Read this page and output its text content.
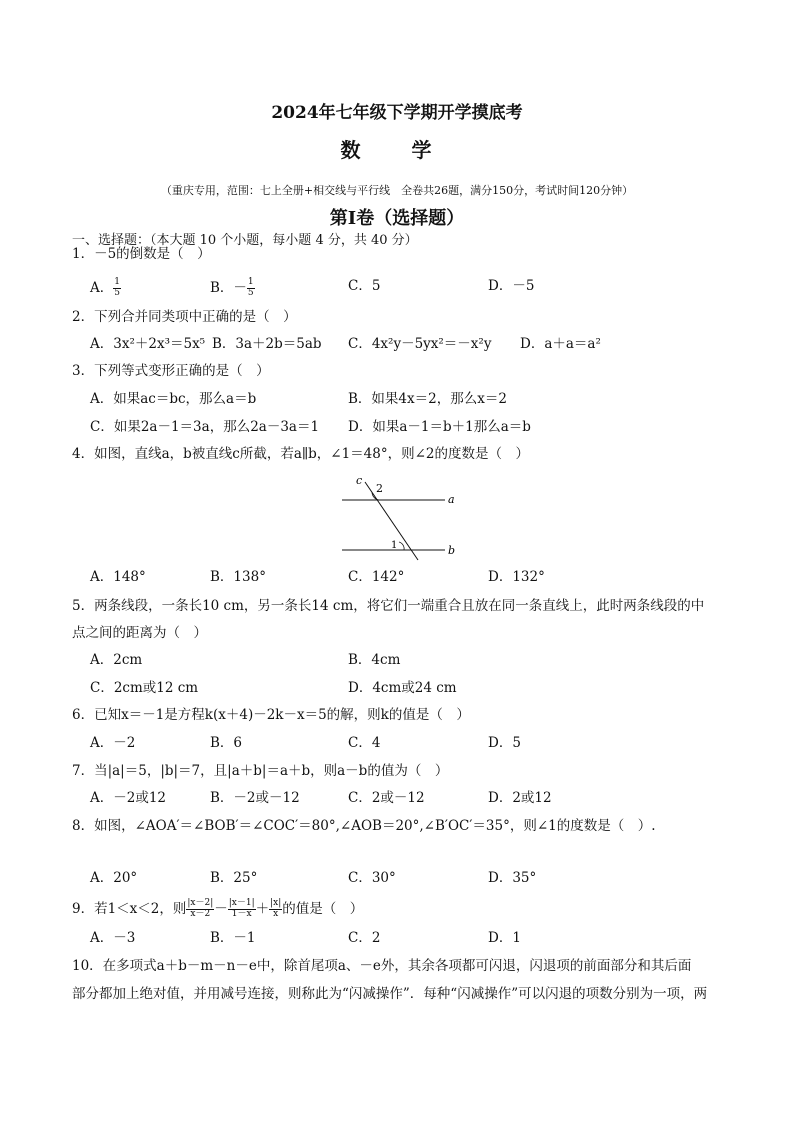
2024年七年级下学期开学摸底考
数 学
（重庆专用，范围：七上全册+相交线与平行线　全卷共26题，满分150分，考试时间120分钟）
第Ⅰ卷（选择题）
一、选择题：（本大题 10 个小题，每小题 4 分，共 40 分）
1．－5的倒数是（　）
A． $\frac{1}{5}$	B．－ $\frac{1}{5}$	C．5	D．－5
2．下列合并同类项中正确的是（　）
A．3x²＋2x³＝5x⁵ B．3a＋2b＝5ab C．4x²y－5yx²＝－x²y D．a＋a＝a²
3．下列等式变形正确的是（　）
A．如果ac＝bc，那么a＝b	B．如果4x＝2，那么x＝2
C．如果2a－1＝3a，那么2a－3a＝1 D．如果a－1＝b＋1那么a＝b
4．如图，直线a，b被直线c所截，若a∥b，∠1＝48°，则∠2的度数是（　）
c
2
a
1	b
A．148°	B．138°	C．142°	D．132°
5．两条线段，一条长10 cm，另一条长14 cm，将它们一端重合且放在同一条直线上，此时两条线段的中
点之间的距离为（　）
A．2cm	B．4cm
C．2cm或12 cm	D．4cm或24 cm
6．已知x＝－1是方程k(x＋4)－2k－x＝5的解，则k的值是（　）
A．－2	B．6	C．4	D．5
7．当|a|＝5，|b|＝7，且|a＋b|＝a＋b，则a－b的值为（　）
A．－2或12	B．－2或－12	C．2或－12	D．2或12
8．如图，∠AOA′＝∠BOB′＝∠COC′＝80°,∠AOB＝20°,∠B′OC′＝35°，则∠1的度数是（　）.
A．20°	B．25°	C．30°	D．35°
9．若1＜x＜2，则 $\frac{|x-2|}{x-2} - \frac{|x-1|}{1-x} + \frac{|x|}{x}$ 的值是（　）
A．－3	B．－1	C．2	D．1
10．在多项式a＋b－m－n－e中，除首尾项a、－e外，其余各项都可闪退，闪退项的前面部分和其后面
部分都加上绝对值，并用减号连接，则称此为“闪减操作”．每种“闪减操作”可以闪退的项数分别为一项，两
